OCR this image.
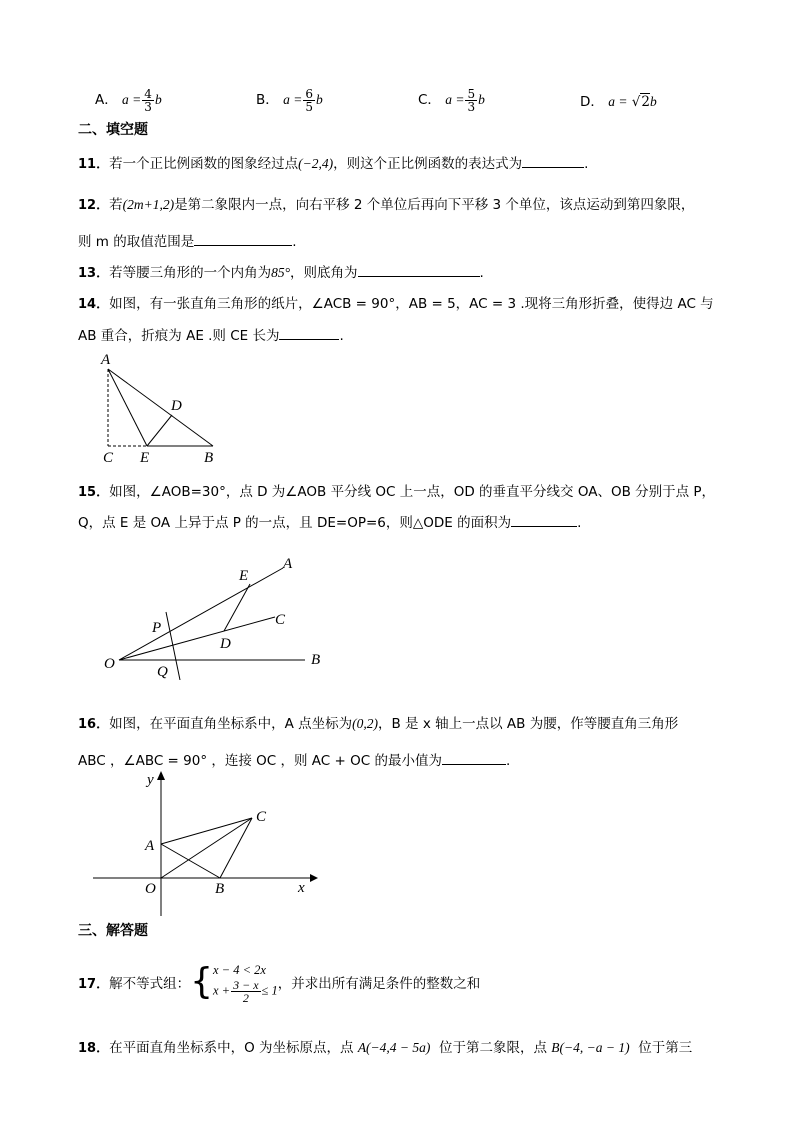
A． $a = \frac{4}{3}$ b	B． $a = \frac{6}{5}$ b	C． $a = \frac{5}{3}$ b	D． a = √2b
二、填空题
11．若一个正比例函数的图象经过点(−2,4)，则这个正比例函数的表达式为	.
12．若(2m+1,2)是第二象限内一点，向右平移 2 个单位后再向下平移 3 个单位，该点运动到第四象限，
则 m 的取值范围是	.
13．若等腰三角形的一个内角为85°，则底角为	.
14．如图，有一张直角三角形的纸片，∠ACB = 90°，AB = 5，AC = 3 .现将三角形折叠，使得边 AC 与
AB 重合，折痕为 AE .则 CE 长为	.
A
D
C E	B
15．如图，∠AOB=30°，点 D 为∠AOB 平分线 OC 上一点，OD 的垂直平分线交 OA、OB 分别于点 P，
Q，点 E 是 OA 上异于点 P 的一点，且 DE=OP=6，则△ODE 的面积为	.
A
E
C
P
D
O	Q
B
16．如图，在平面直角坐标系中，A 点坐标为(0,2)，B 是 x 轴上一点以 AB 为腰，作等腰直角三角形
ABC ，∠ABC = 90° ，连接 OC ，则 AC + OC 的最小值为	.
y
A
C
O	B	x
三、解答题
17． 解不等式组： { x − 4 < 2x
$x + \frac{3 - x}{2} \le 1$ ，并求出所有满足条件的整数之和
18．在平面直角坐标系中，O 为坐标原点，点 A(−4,4 − 5a) 位于第二象限，点 B(−4, −a − 1) 位于第三
